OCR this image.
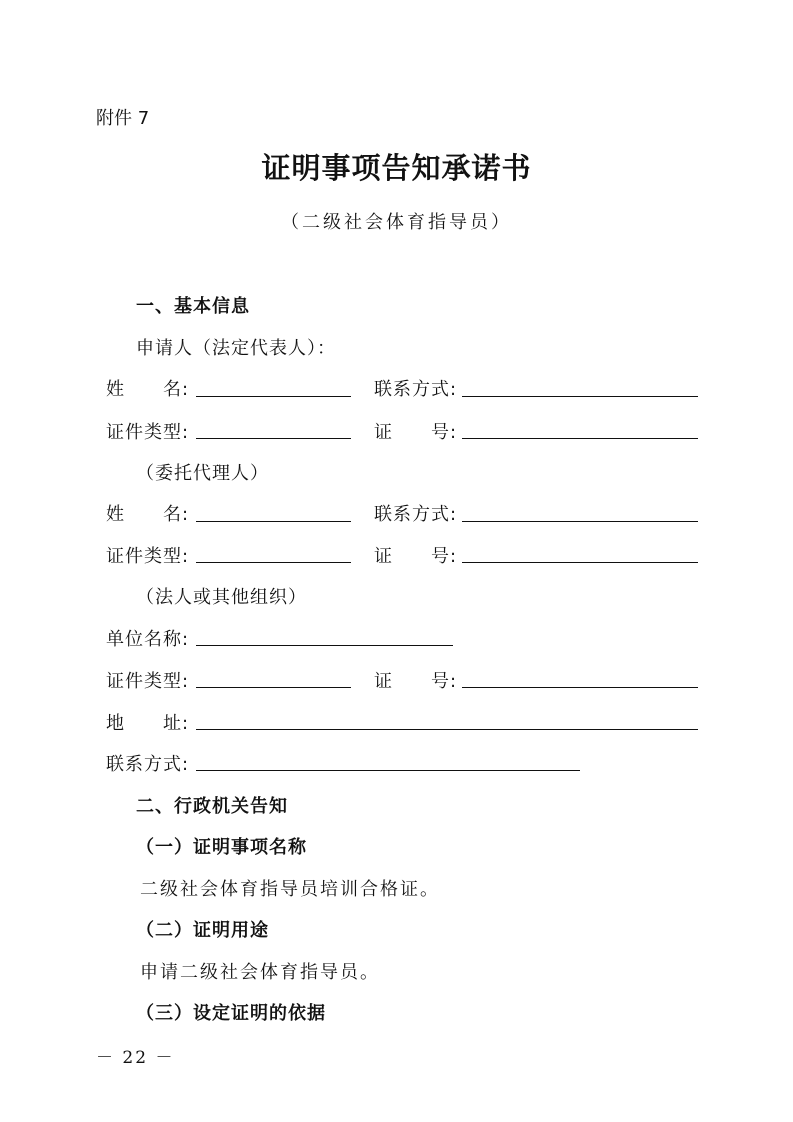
附件 7
证明事项告知承诺书
（二级社会体育指导员）
一、基本信息
申请人（法定代表人）：
姓　　名:	联系方式:
证件类型:	证　　号:
（委托代理人）
姓　　名:	联系方式:
证件类型:	证　　号:
（法人或其他组织）
单位名称:
证件类型:	证　　号:
地　　址:
联系方式:
二、行政机关告知
（一）证明事项名称
二级社会体育指导员培训合格证。
（二）证明用途
申请二级社会体育指导员。
（三）设定证明的依据
－ 22 －
